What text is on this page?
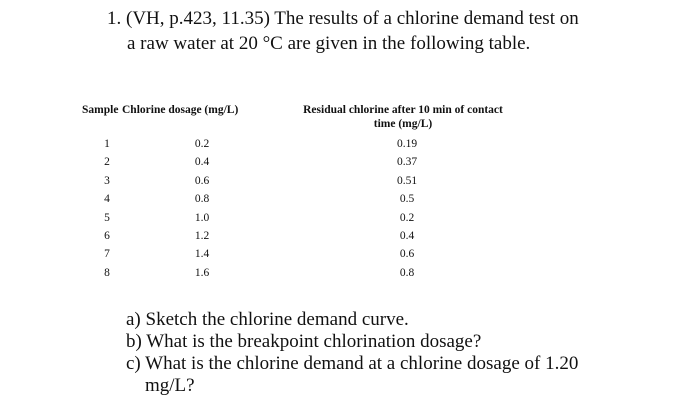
1. (VH, p.423, 11.35) The results of a chlorine demand test on

a raw water at 20 °C are given in the following table.

Sample	Chlorine dosage (mg/L)	Residual chlorine after 10 min of contact
time (mg/L)

1	0.2	0.19
2	0.4	0.37
3	0.6	0.51
4	0.8	0.5
5	1.0	0.2
6	1.2	0.4
7	1.4	0.6
8	1.6	0.8
a) Sketch the chlorine demand curve.
b) What is the breakpoint chlorination dosage?
c) What is the chlorine demand at a chlorine dosage of 1.20
mg/L?
